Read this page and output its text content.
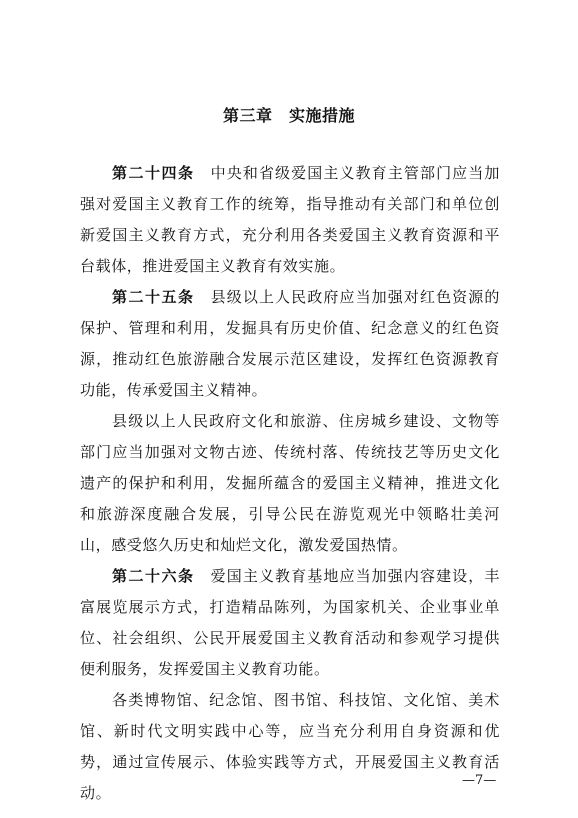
第三章　实施措施

第二十四条　中央和省级爱国主义教育主管部门应当加强对爱国主义教育工作的统筹，指导推动有关部门和单位创新爱国主义教育方式，充分利用各类爱国主义教育资源和平台载体，推进爱国主义教育有效实施。

第二十五条　县级以上人民政府应当加强对红色资源的保护、管理和利用，发掘具有历史价值、纪念意义的红色资源，推动红色旅游融合发展示范区建设，发挥红色资源教育功能，传承爱国主义精神。

县级以上人民政府文化和旅游、住房城乡建设、文物等部门应当加强对文物古迹、传统村落、传统技艺等历史文化遗产的保护和利用，发掘所蕴含的爱国主义精神，推进文化和旅游深度融合发展，引导公民在游览观光中领略壮美河山，感受悠久历史和灿烂文化，激发爱国热情。

第二十六条　爱国主义教育基地应当加强内容建设，丰富展览展示方式，打造精品陈列，为国家机关、企业事业单位、社会组织、公民开展爱国主义教育活动和参观学习提供便利服务，发挥爱国主义教育功能。

各类博物馆、纪念馆、图书馆、科技馆、文化馆、美术馆、新时代文明实践中心等，应当充分利用自身资源和优势，通过宣传展示、体验实践等方式，开展爱国主义教育活动。

—7—
